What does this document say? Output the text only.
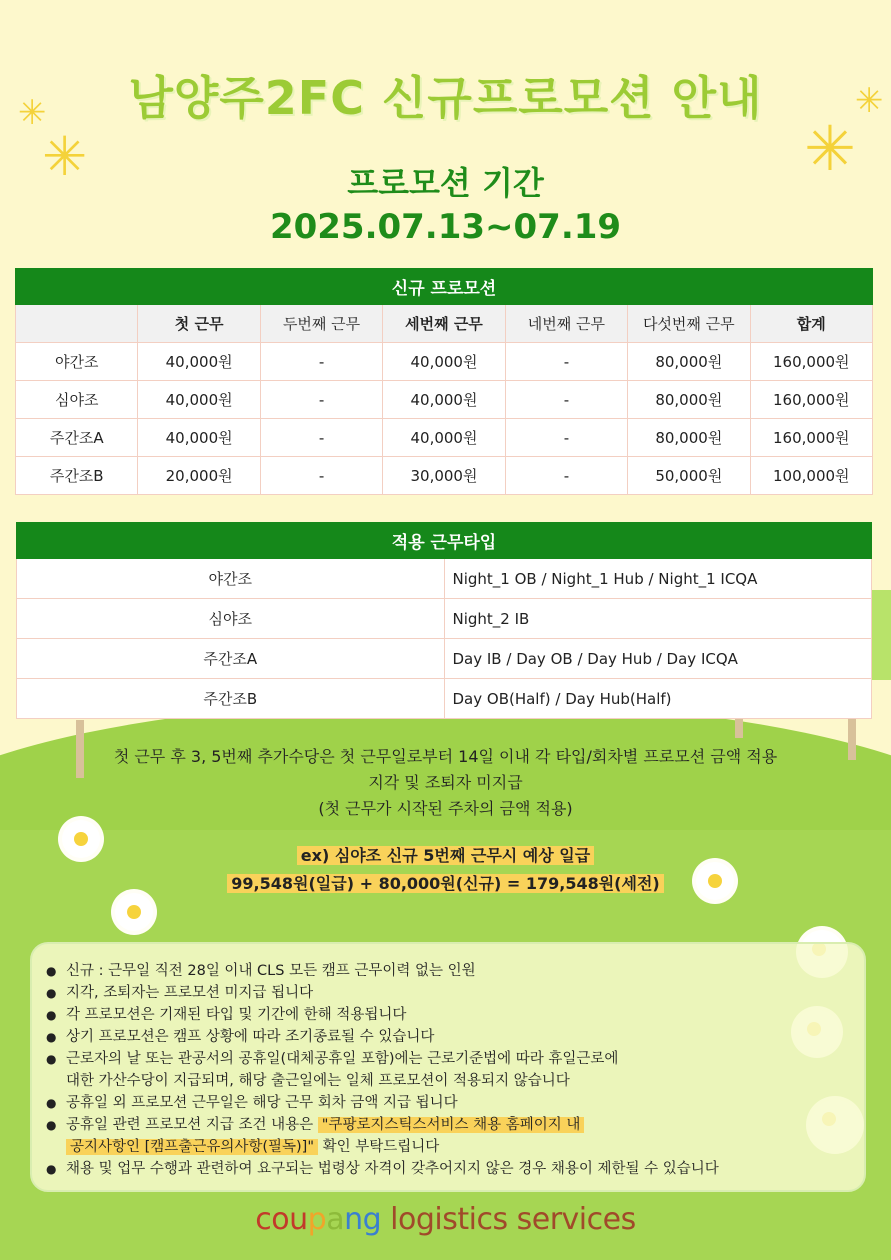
✳
✳
✳
✳
남양주2FC 신규프로모션 안내
프로모션 기간
2025.07.13~07.19
신규 프로모션						
	첫 근무	두번째 근무	세번째 근무	네번째 근무	다섯번째 근무	합계
야간조	40,000원	-	40,000원	-	80,000원	160,000원
심야조	40,000원	-	40,000원	-	80,000원	160,000원
주간조A	40,000원	-	40,000원	-	80,000원	160,000원
주간조B	20,000원	-	30,000원	-	50,000원	100,000원
적용 근무타입	
야간조	Night_1 OB / Night_1 Hub / Night_1 ICQA
심야조	Night_2 IB
주간조A	Day IB / Day OB / Day Hub / Day ICQA
주간조B	Day OB(Half) / Day Hub(Half)
첫 근무 후 3, 5번째 추가수당은 첫 근무일로부터 14일 이내 각 타입/회차별 프로모션 금액 적용
지각 및 조퇴자 미지급
(첫 근무가 시작된 주차의 금액 적용)
ex) 심야조 신규 5번째 근무시 예상 일급
99,548원(일급) + 80,000원(신규) = 179,548원(세전)
● 신규 : 근무일 직전 28일 이내 CLS 모든 캠프 근무이력 없는 인원
● 지각, 조퇴자는 프로모션 미지급 됩니다
● 각 프로모션은 기재된 타입 및 기간에 한해 적용됩니다
● 상기 프로모션은 캠프 상황에 따라 조기종료될 수 있습니다
● 근로자의 날 또는 관공서의 공휴일(대체공휴일 포함)에는 근로기준법에 따라 휴일근로에
대한 가산수당이 지급되며, 해당 출근일에는 일체 프로모션이 적용되지 않습니다
● 공휴일 외 프로모션 근무일은 해당 근무 회차 금액 지급 됩니다
● 공휴일 관련 프로모션 지급 조건 내용은 "쿠팡로지스틱스서비스 채용 홈페이지 내
공지사항인 [캠프출근유의사항(필독)]" 확인 부탁드립니다
● 채용 및 업무 수행과 관련하여 요구되는 법령상 자격이 갖추어지지 않은 경우 채용이 제한될 수 있습니다
coupang logistics services
